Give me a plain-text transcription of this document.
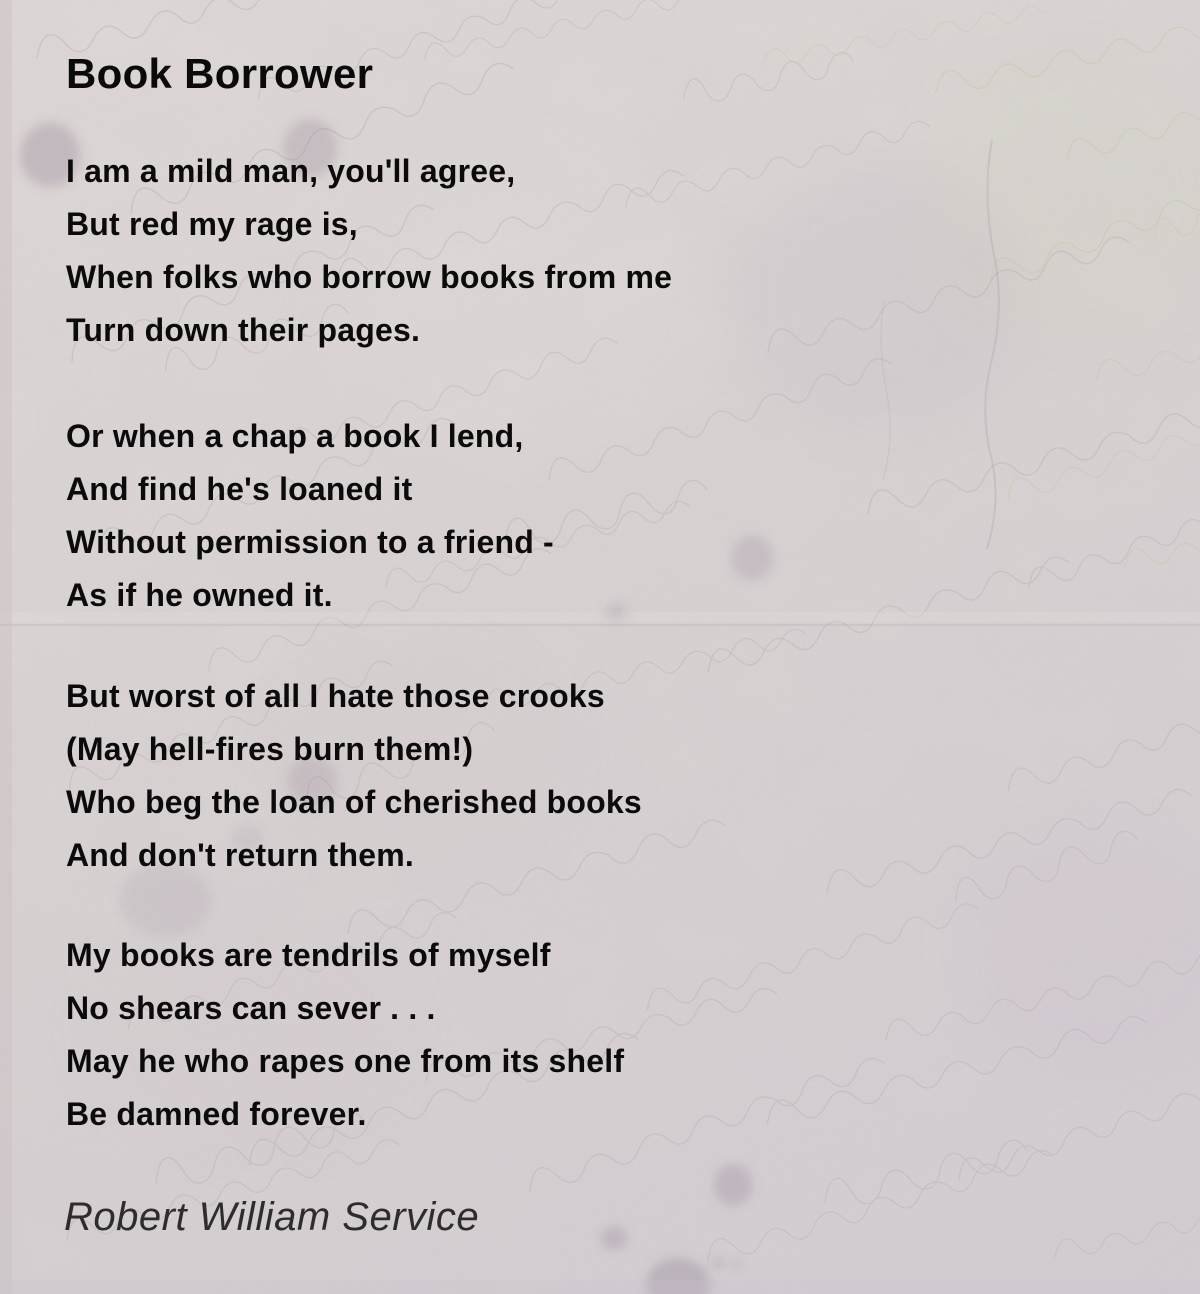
Book Borrower
I am a mild man, you'll agree,
But red my rage is,
When folks who borrow books from me
Turn down their pages.
Or when a chap a book I lend,
And find he's loaned it
Without permission to a friend -
As if he owned it.
But worst of all I hate those crooks
(May hell-fires burn them!)
Who beg the loan of cherished books
And don't return them.
My books are tendrils of myself
No shears can sever . . .
May he who rapes one from its shelf
Be damned forever.
Robert William Service
